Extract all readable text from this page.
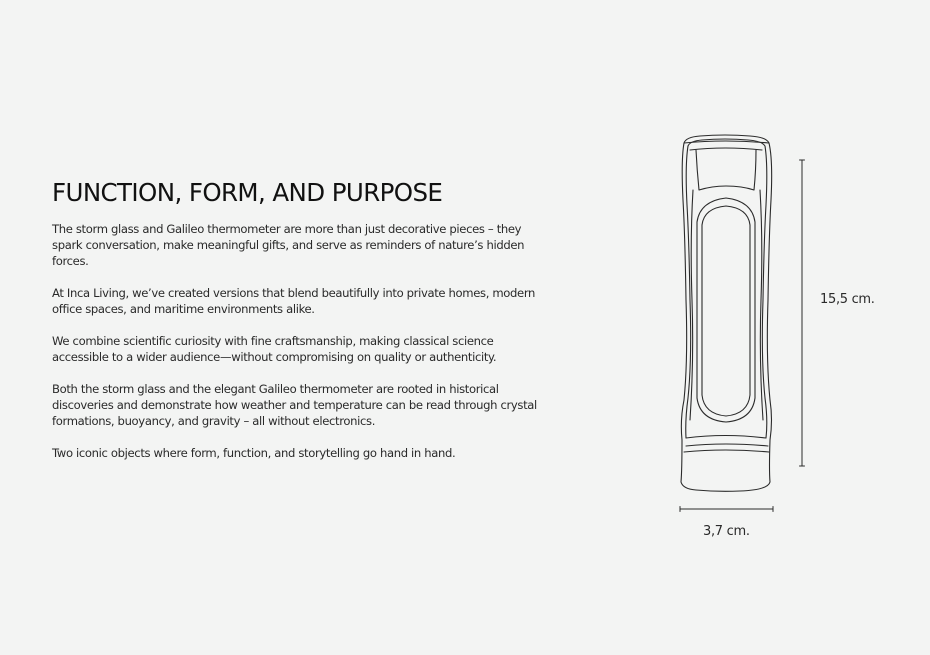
FUNCTION, FORM, AND PURPOSE

The storm glass and Galileo thermometer are more than just decorative pieces – they spark conversation, make meaningful gifts, and serve as reminders of nature’s hidden forces.

At Inca Living, we’ve created versions that blend beautifully into private homes, modern office spaces, and maritime environments alike.

We combine scientific curiosity with fine craftsmanship, making classical science accessible to a wider audience—without compromising on quality or authenticity.

Both the storm glass and the elegant Galileo thermometer are rooted in historical discoveries and demonstrate how weather and temperature can be read through crystal formations, buoyancy, and gravity – all without electronics.

Two iconic objects where form, function, and storytelling go hand in hand.

15,5 cm.
3,7 cm.
